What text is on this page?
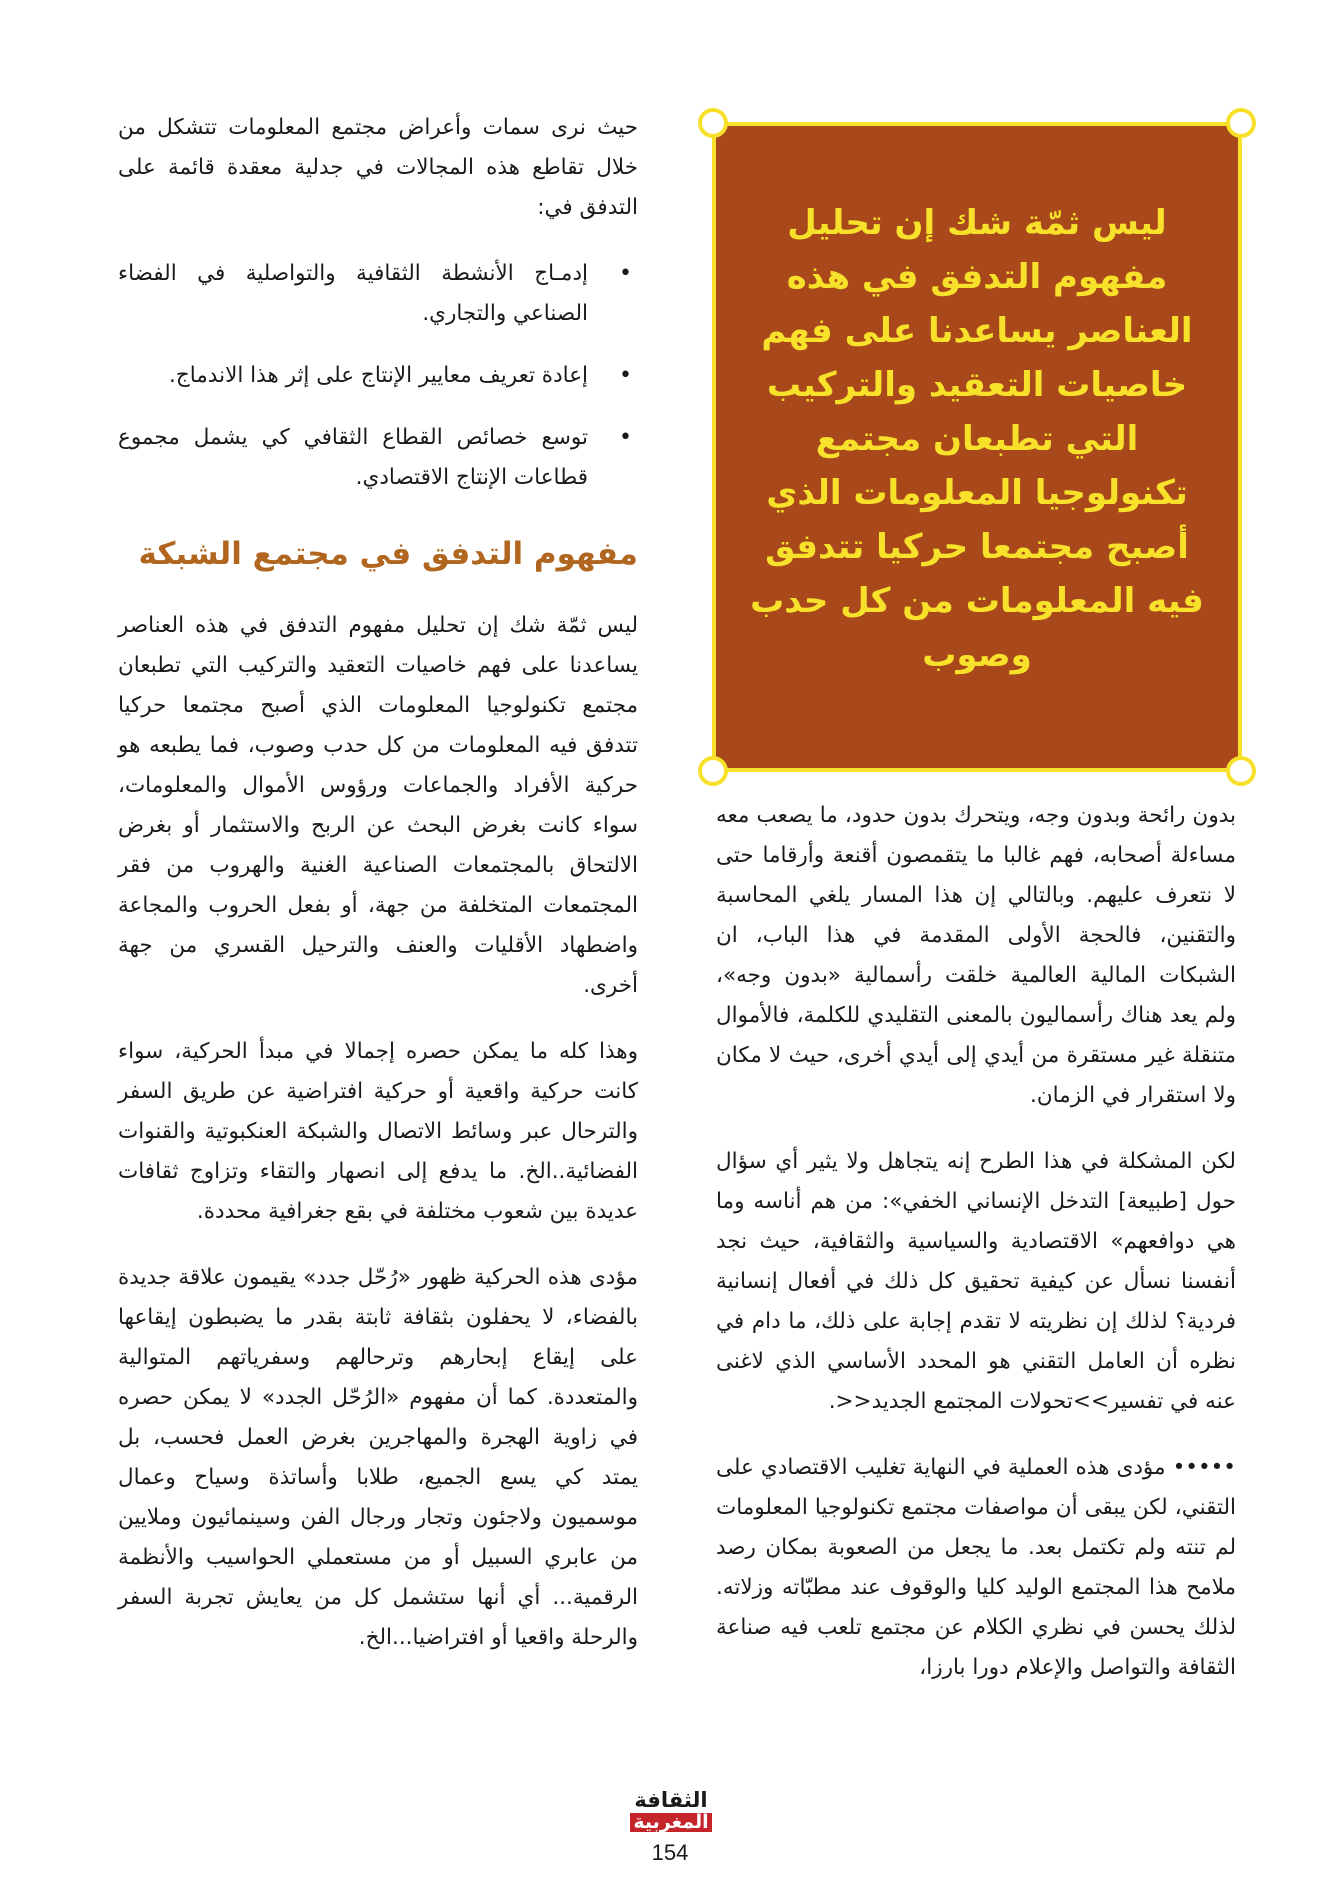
ليس ثمّة شك إن تحليل مفهوم التدفق في هذه العناصر يساعدنا على فهم خاصيات التعقيد والتركيب التي تطبعان مجتمع تكنولوجيا المعلومات الذي أصبح مجتمعا حركيا تتدفق فيه المعلومات من كل حدب وصوب

حيث نرى سمات وأعراض مجتمع المعلومات تتشكل من خلال تقاطع هذه المجالات في جدلية معقدة قائمة على التدفق في:

•
إدمـاج الأنشطة الثقافية والتواصلية في الفضاء الصناعي والتجاري.
•
إعادة تعريف معايير الإنتاج على إثر هذا الاندماج.
•
توسع خصائص القطاع الثقافي كي يشمل مجموع قطاعات الإنتاج الاقتصادي.
مفهوم التدفق في مجتمع الشبكة

ليس ثمّة شك إن تحليل مفهوم التدفق في هذه العناصر يساعدنا على فهم خاصيات التعقيد والتركيب التي تطبعان مجتمع تكنولوجيا المعلومات الذي أصبح مجتمعا حركيا تتدفق فيه المعلومات من كل حدب وصوب، فما يطبعه هو حركية الأفراد والجماعات ورؤوس الأموال والمعلومات، سواء كانت بغرض البحث عن الربح والاستثمار أو بغرض الالتحاق بالمجتمعات الصناعية الغنية والهروب من فقر المجتمعات المتخلفة من جهة، أو بفعل الحروب والمجاعة واضطهاد الأقليات والعنف والترحيل القسري من جهة أخرى.

وهذا كله ما يمكن حصره إجمالا في مبدأ الحركية، سواء كانت حركية واقعية أو حركية افتراضية عن طريق السفر والترحال عبر وسائط الاتصال والشبكة العنكبوتية والقنوات الفضائية..الخ. ما يدفع إلى انصهار والتقاء وتزاوج ثقافات عديدة بين شعوب مختلفة في بقع جغرافية محددة.

مؤدى هذه الحركية ظهور «رُحّل جدد» يقيمون علاقة جديدة بالفضاء، لا يحفلون بثقافة ثابتة بقدر ما يضبطون إيقاعها على إيقاع إبحارهم وترحالهم وسفرياتهم المتوالية والمتعددة. كما أن مفهوم «الرُحّل الجدد» لا يمكن حصره في زاوية الهجرة والمهاجرين بغرض العمل فحسب، بل يمتد كي يسع الجميع، طلابا وأساتذة وسياح وعمال موسميون ولاجئون وتجار ورجال الفن وسينمائيون وملايين من عابري السبيل أو من مستعملي الحواسيب والأنظمة الرقمية... أي أنها ستشمل كل من يعايش تجربة السفر والرحلة واقعيا أو افتراضيا...الخ.

بدون رائحة وبدون وجه، ويتحرك بدون حدود، ما يصعب معه مساءلة أصحابه، فهم غالبا ما يتقمصون أقنعة وأرقاما حتى لا نتعرف عليهم. وبالتالي إن هذا المسار يلغي المحاسبة والتقنين، فالحجة الأولى المقدمة في هذا الباب، ان الشبكات المالية العالمية خلقت رأسمالية «بدون وجه»، ولم يعد هناك رأسماليون بالمعنى التقليدي للكلمة، فالأموال متنقلة غير مستقرة من أيدي إلى أيدي أخرى، حيث لا مكان ولا استقرار في الزمان.

لكن المشكلة في هذا الطرح إنه يتجاهل ولا يثير أي سؤال حول [طبيعة] التدخل الإنساني الخفي»: من هم أناسه وما هي دوافعهم» الاقتصادية والسياسية والثقافية، حيث نجد أنفسنا نسأل عن كيفية تحقيق كل ذلك في أفعال إنسانية فردية؟ لذلك إن نظريته لا تقدم إجابة على ذلك، ما دام في نظره أن العامل التقني هو المحدد الأساسي الذي لاغنى عنه في تفسير>>تحولات المجتمع الجديد<<.

••••• مؤدى هذه العملية في النهاية تغليب الاقتصادي على التقني، لكن يبقى أن مواصفات مجتمع تكنولوجيا المعلومات لم تنته ولم تكتمل بعد. ما يجعل من الصعوبة بمكان رصد ملامح هذا المجتمع الوليد كليا والوقوف عند مطبّاته وزلاته. لذلك يحسن في نظري الكلام عن مجتمع تلعب فيه صناعة الثقافة والتواصل والإعلام دورا بارزا،

الثقافة
المغربية
154
